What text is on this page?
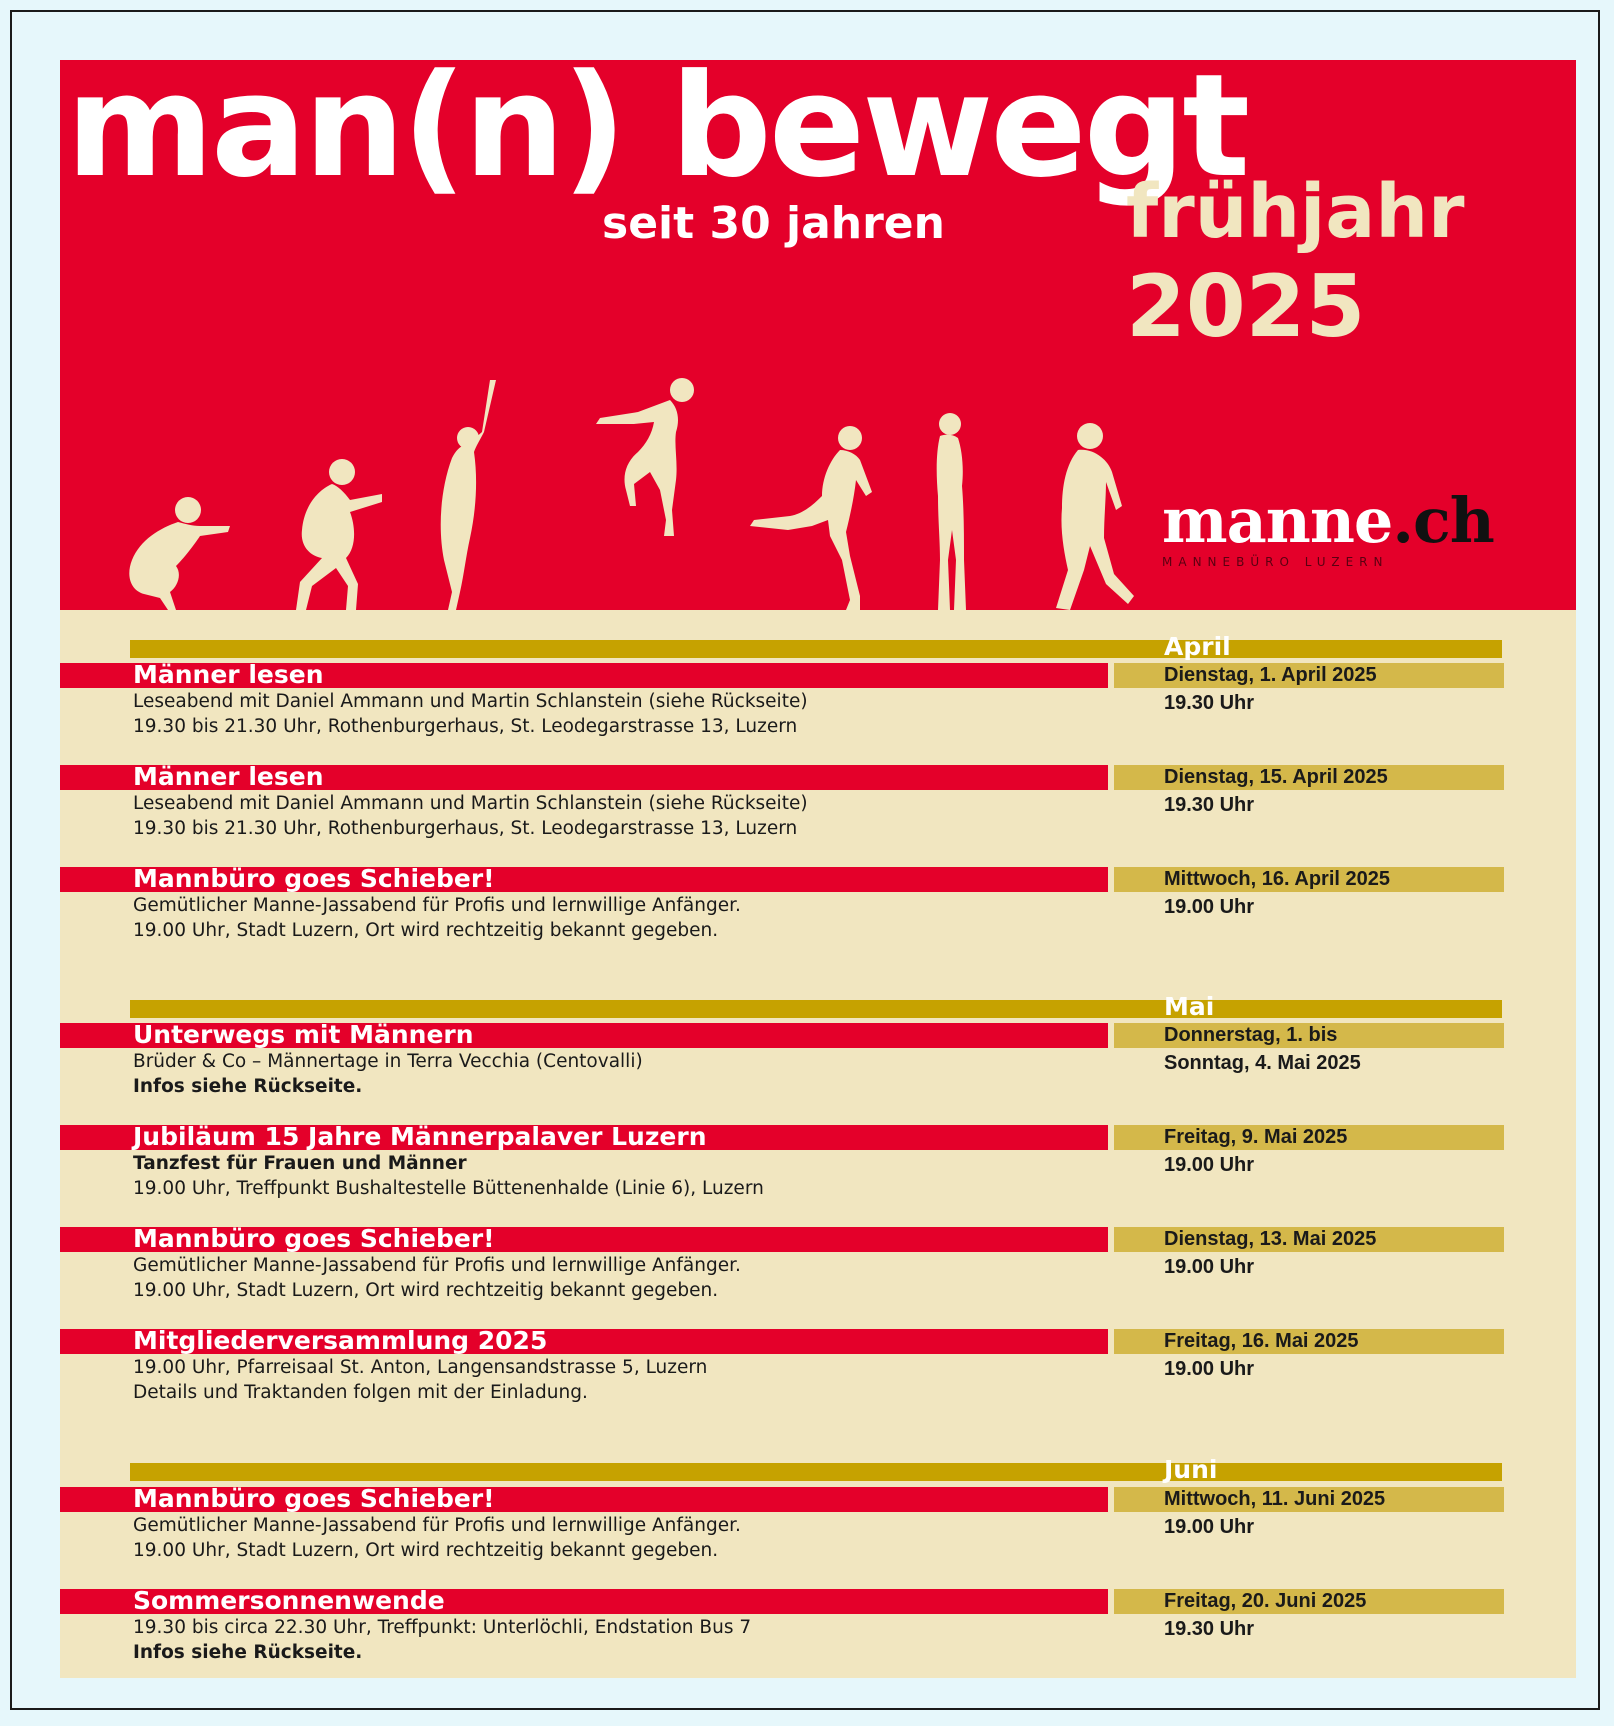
man(n) bewegt
seit 30 jahren frühjahr
2025
manne.ch
MANNEBÜRO LUZERN
April
Männer lesen	Dienstag, 1. April 2025
Leseabend mit Daniel Ammann und Martin Schlanstein (siehe Rückseite)	19.30 Uhr
19.30 bis 21.30 Uhr, Rothenburgerhaus, St. Leodegarstrasse 13, Luzern
Männer lesen	Dienstag, 15. April 2025
Leseabend mit Daniel Ammann und Martin Schlanstein (siehe Rückseite)	19.30 Uhr
19.30 bis 21.30 Uhr, Rothenburgerhaus, St. Leodegarstrasse 13, Luzern
Mannbüro goes Schieber!	Mittwoch, 16. April 2025
Gemütlicher Manne-Jassabend für Profis und lernwillige Anfänger.	19.00 Uhr
19.00 Uhr, Stadt Luzern, Ort wird rechtzeitig bekannt gegeben.
Mai
Unterwegs mit Männern	Donnerstag, 1. bis
Brüder & Co – Männertage in Terra Vecchia (Centovalli)	Sonntag, 4. Mai 2025
Infos siehe Rückseite.
Jubiläum 15 Jahre Männerpalaver Luzern	Freitag, 9. Mai 2025
Tanzfest für Frauen und Männer	19.00 Uhr
19.00 Uhr, Treffpunkt Bushaltestelle Büttenenhalde (Linie 6), Luzern
Mannbüro goes Schieber!	Dienstag, 13. Mai 2025
Gemütlicher Manne-Jassabend für Profis und lernwillige Anfänger.	19.00 Uhr
19.00 Uhr, Stadt Luzern, Ort wird rechtzeitig bekannt gegeben.
Mitgliederversammlung 2025	Freitag, 16. Mai 2025
19.00 Uhr, Pfarreisaal St. Anton, Langensandstrasse 5, Luzern	19.00 Uhr
Details und Traktanden folgen mit der Einladung.
Juni
Mannbüro goes Schieber!	Mittwoch, 11. Juni 2025
Gemütlicher Manne-Jassabend für Profis und lernwillige Anfänger.	19.00 Uhr
19.00 Uhr, Stadt Luzern, Ort wird rechtzeitig bekannt gegeben.
Sommersonnenwende	Freitag, 20. Juni 2025
19.30 bis circa 22.30 Uhr, Treffpunkt: Unterlöchli, Endstation Bus 7	19.30 Uhr
Infos siehe Rückseite.
